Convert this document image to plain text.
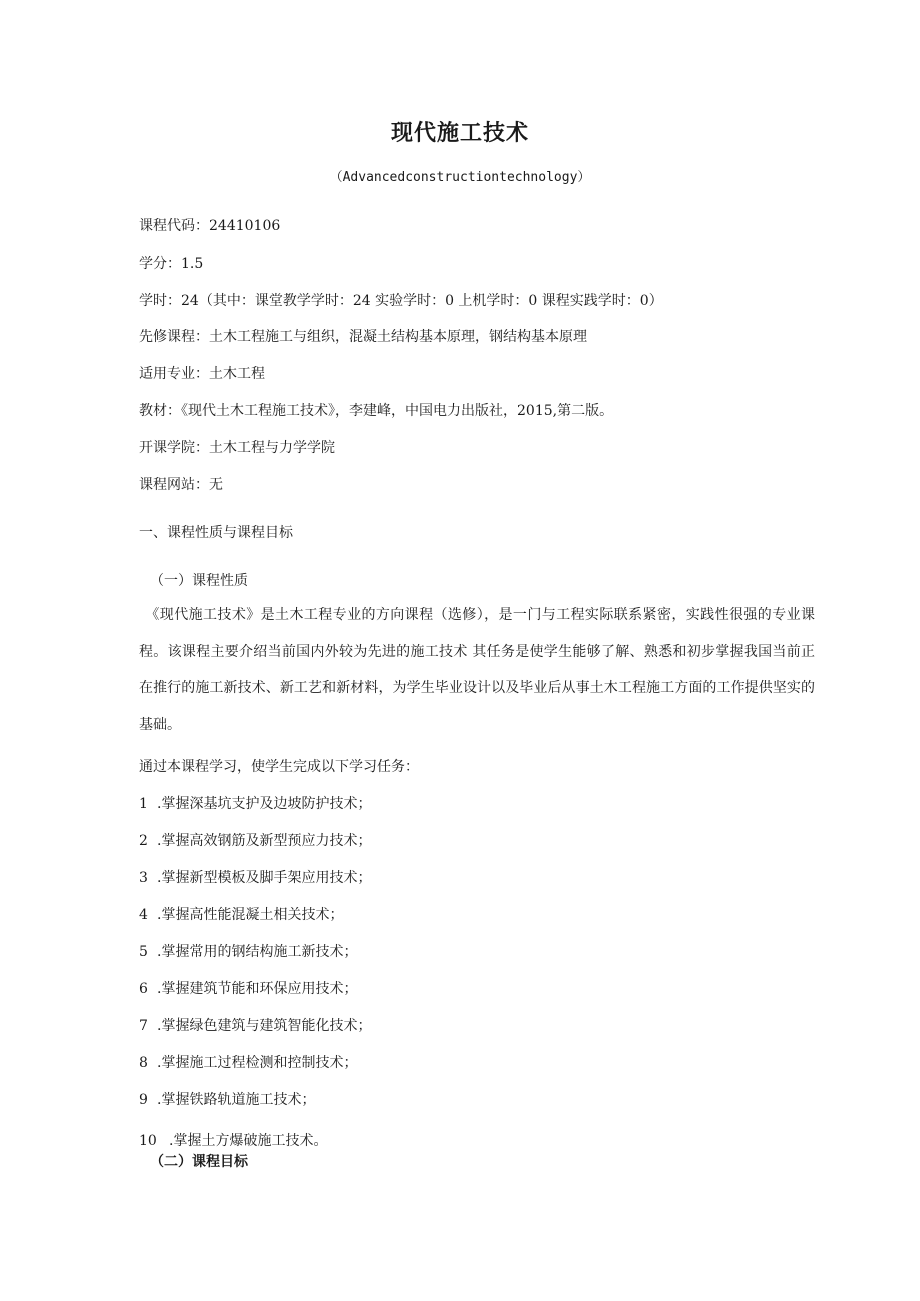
现代施工技术
（Advancedconstructiontechnology）
课程代码：24410106
学分：1.5
学时：24（其中：课堂教学学时：24 实验学时：0 上机学时：0 课程实践学时：0）
先修课程：土木工程施工与组织，混凝土结构基本原理，钢结构基本原理
适用专业：土木工程
教材：《现代土木工程施工技术》，李建峰，中国电力出版社，2015,第二版。
开课学院：土木工程与力学学院
课程网站：无
一、课程性质与课程目标
（一）课程性质
《现代施工技术》是土木工程专业的方向课程（选修），是一门与工程实际联系紧密，实践性很强的专业课程。该课程主要介绍当前国内外较为先进的施工技术 其任务是使学生能够了解、熟悉和初步掌握我国当前正在推行的施工新技术、新工艺和新材料，为学生毕业设计以及毕业后从事土木工程施工方面的工作提供坚实的基础。
通过本课程学习，使学生完成以下学习任务：
1 .掌握深基坑支护及边坡防护技术；
2 .掌握高效钢筋及新型预应力技术；
3 .掌握新型模板及脚手架应用技术；
4 .掌握高性能混凝土相关技术；
5 .掌握常用的钢结构施工新技术；
6 .掌握建筑节能和环保应用技术；
7 .掌握绿色建筑与建筑智能化技术；
8 .掌握施工过程检测和控制技术；
9 .掌握铁路轨道施工技术；
10 .掌握土方爆破施工技术。
（二）课程目标
